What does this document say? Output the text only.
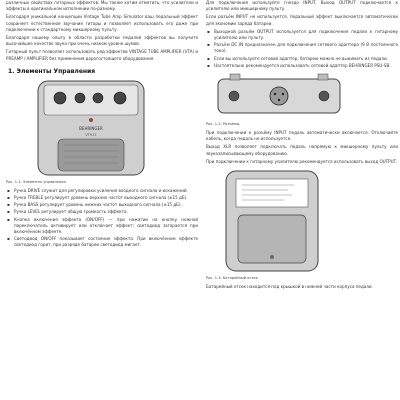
различных свойствах гитарных эффектов. Мы также хотим отметить, что усилители и эффекты в оригинальном исполнении по-разному.

Благодаря уникальной концепции Vintage Tube Amp Simulator ваш педальный эффект сохраняет естественное звучание гитары и позволяет использовать его даже при подключении к стандартному микшерному пульту.

Благодаря нашему опыту в области разработки педалей эффектов вы получите высочайшее качество звука при очень низком уровне шумов.

Гитарный пульт позволяет использовать ряд эффектов VINTAGE TUBE AMPLIFIER (VTA) и PREAMP / AMPLIFIER без применения дорогостоящего оборудования.

1. Элементы Управления
BEHRINGER
VT911
Рис. 1.1: Элементы управления
▪ Ручка DRIVE служит для регулировки усиления входного сигнала и искажений.
▪ Ручка TREBLE регулирует уровень верхних частот выходного сигнала (±15 дБ).
▪ Ручка BASS регулирует уровень нижних частот выходного сигнала (±15 дБ).
▪ Ручка LEVEL регулирует общую громкость эффекта.
▪ Кнопка включения эффекта (ON/OFF) — при нажатии на кнопку ножной переключатель активирует или отключает эффект; светодиод загорается при включённом эффекте.
▪ Светодиод ON/OFF показывает состояние эффекта. При включённом эффекте светодиод горит, при разряде батареи светодиод мигает.

Для подключения используйте гнездо INPUT. Выход OUTPUT подключается к усилителю или микшерному пульту.

Если разъём INPUT не используется, педальный эффект выключается автоматически для экономии заряда батареи.

▪ Выходной разъём OUTPUT используется для подключения педали к гитарному усилителю или пульту.
▪ Разъём DC IN предназначен для подключения сетевого адаптера (9 В постоянного тока).
▪ Если вы используете сетевой адаптер, батарею можно не вынимать из педали.
▪ Настоятельно рекомендуется использовать сетевой адаптер BEHRINGER PSU-SB.
Рис. 1.2: Разъёмы

При подключении к разъёму INPUT педаль автоматически включается. Отключайте кабель, когда педаль не используется.

Выход XLR позволяет подключать педаль напрямую к микшерному пульту или звукозаписывающему оборудованию.

При подключении к гитарному усилителю рекомендуется использовать выход OUTPUT.

Рис. 1.3: Батарейный отсек

Батарейный отсек находится под крышкой в нижней части корпуса педали.
